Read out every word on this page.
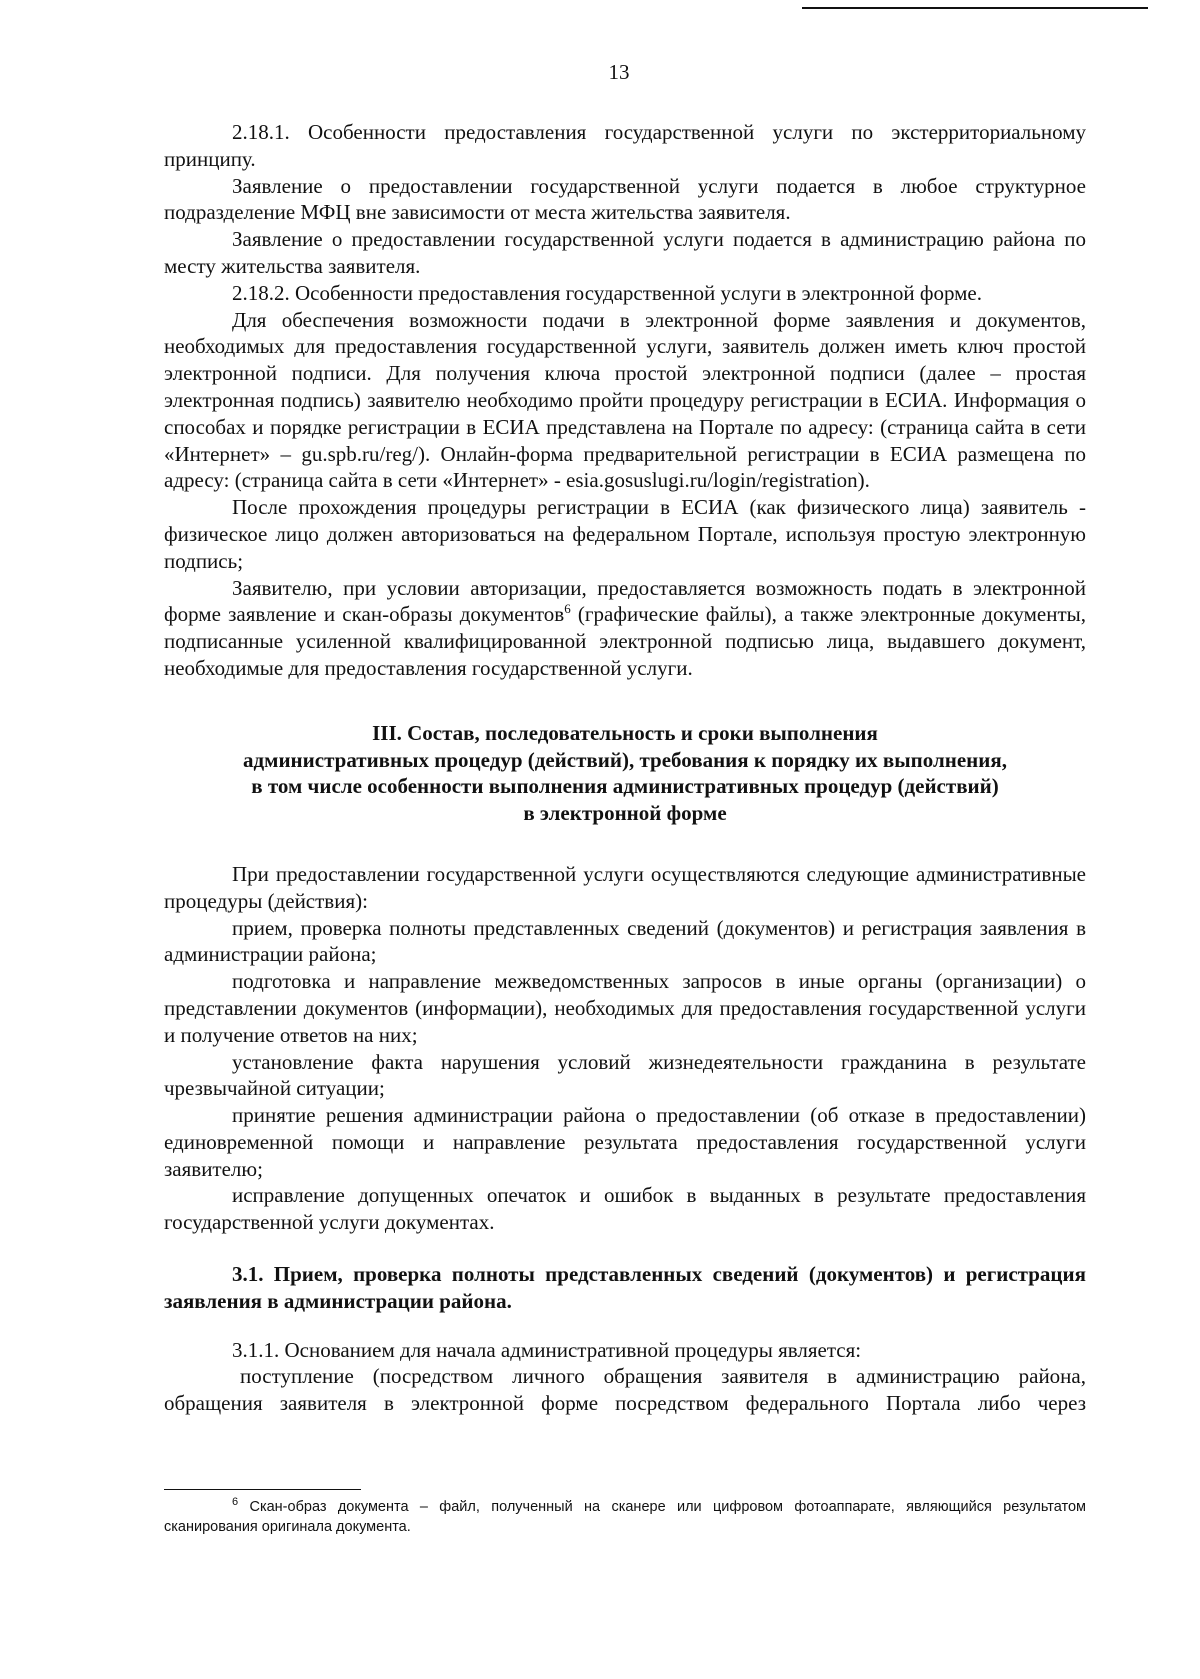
13

2.18.1. Особенности предоставления государственной услуги по экстерриториальному принципу.

Заявление о предоставлении государственной услуги подается в любое структурное подразделение МФЦ вне зависимости от места жительства заявителя.

Заявление о предоставлении государственной услуги подается в администрацию района по месту жительства заявителя.

2.18.2. Особенности предоставления государственной услуги в электронной форме.

Для обеспечения возможности подачи в электронной форме заявления и документов, необходимых для предоставления государственной услуги, заявитель должен иметь ключ простой электронной подписи. Для получения ключа простой электронной подписи (далее – простая электронная подпись) заявителю необходимо пройти процедуру регистрации в ЕСИА. Информация о способах и порядке регистрации в ЕСИА представлена на Портале по адресу: (страница сайта в сети «Интернет» – gu.spb.ru/reg/). Онлайн-форма предварительной регистрации в ЕСИА размещена по адресу: (страница сайта в сети «Интернет» - esia.gosuslugi.ru/login/registration).

После прохождения процедуры регистрации в ЕСИА (как физического лица) заявитель - физическое лицо должен авторизоваться на федеральном Портале, используя простую электронную подпись;

Заявителю, при условии авторизации, предоставляется возможность подать в электронной форме заявление и скан-образы документов$^6$ (графические файлы), а также электронные документы, подписанные усиленной квалифицированной электронной подписью лица, выдавшего документ, необходимые для предоставления государственной услуги.

III. Состав, последовательность и сроки выполнения
административных процедур (действий), требования к порядку их выполнения,
в том числе особенности выполнения административных процедур (действий)
в электронной форме

При предоставлении государственной услуги осуществляются следующие административные процедуры (действия):

прием, проверка полноты представленных сведений (документов) и регистрация заявления в администрации района;

подготовка и направление межведомственных запросов в иные органы (организации) о представлении документов (информации), необходимых для предоставления государственной услуги и получение ответов на них;

установление факта нарушения условий жизнедеятельности гражданина в результате чрезвычайной ситуации;

принятие решения администрации района о предоставлении (об отказе в предоставлении) единовременной помощи и направление результата предоставления государственной услуги заявителю;

исправление допущенных опечаток и ошибок в выданных в результате предоставления государственной услуги документах.

3.1. Прием, проверка полноты представленных сведений (документов) и регистрация заявления в администрации района.

3.1.1. Основанием для начала административной процедуры является:

поступление (посредством личного обращения заявителя в администрацию района, обращения заявителя в электронной форме посредством федерального Портала либо через

$^6$ Скан-образ документа – файл, полученный на сканере или цифровом фотоаппарате, являющийся результатом сканирования оригинала документа.
